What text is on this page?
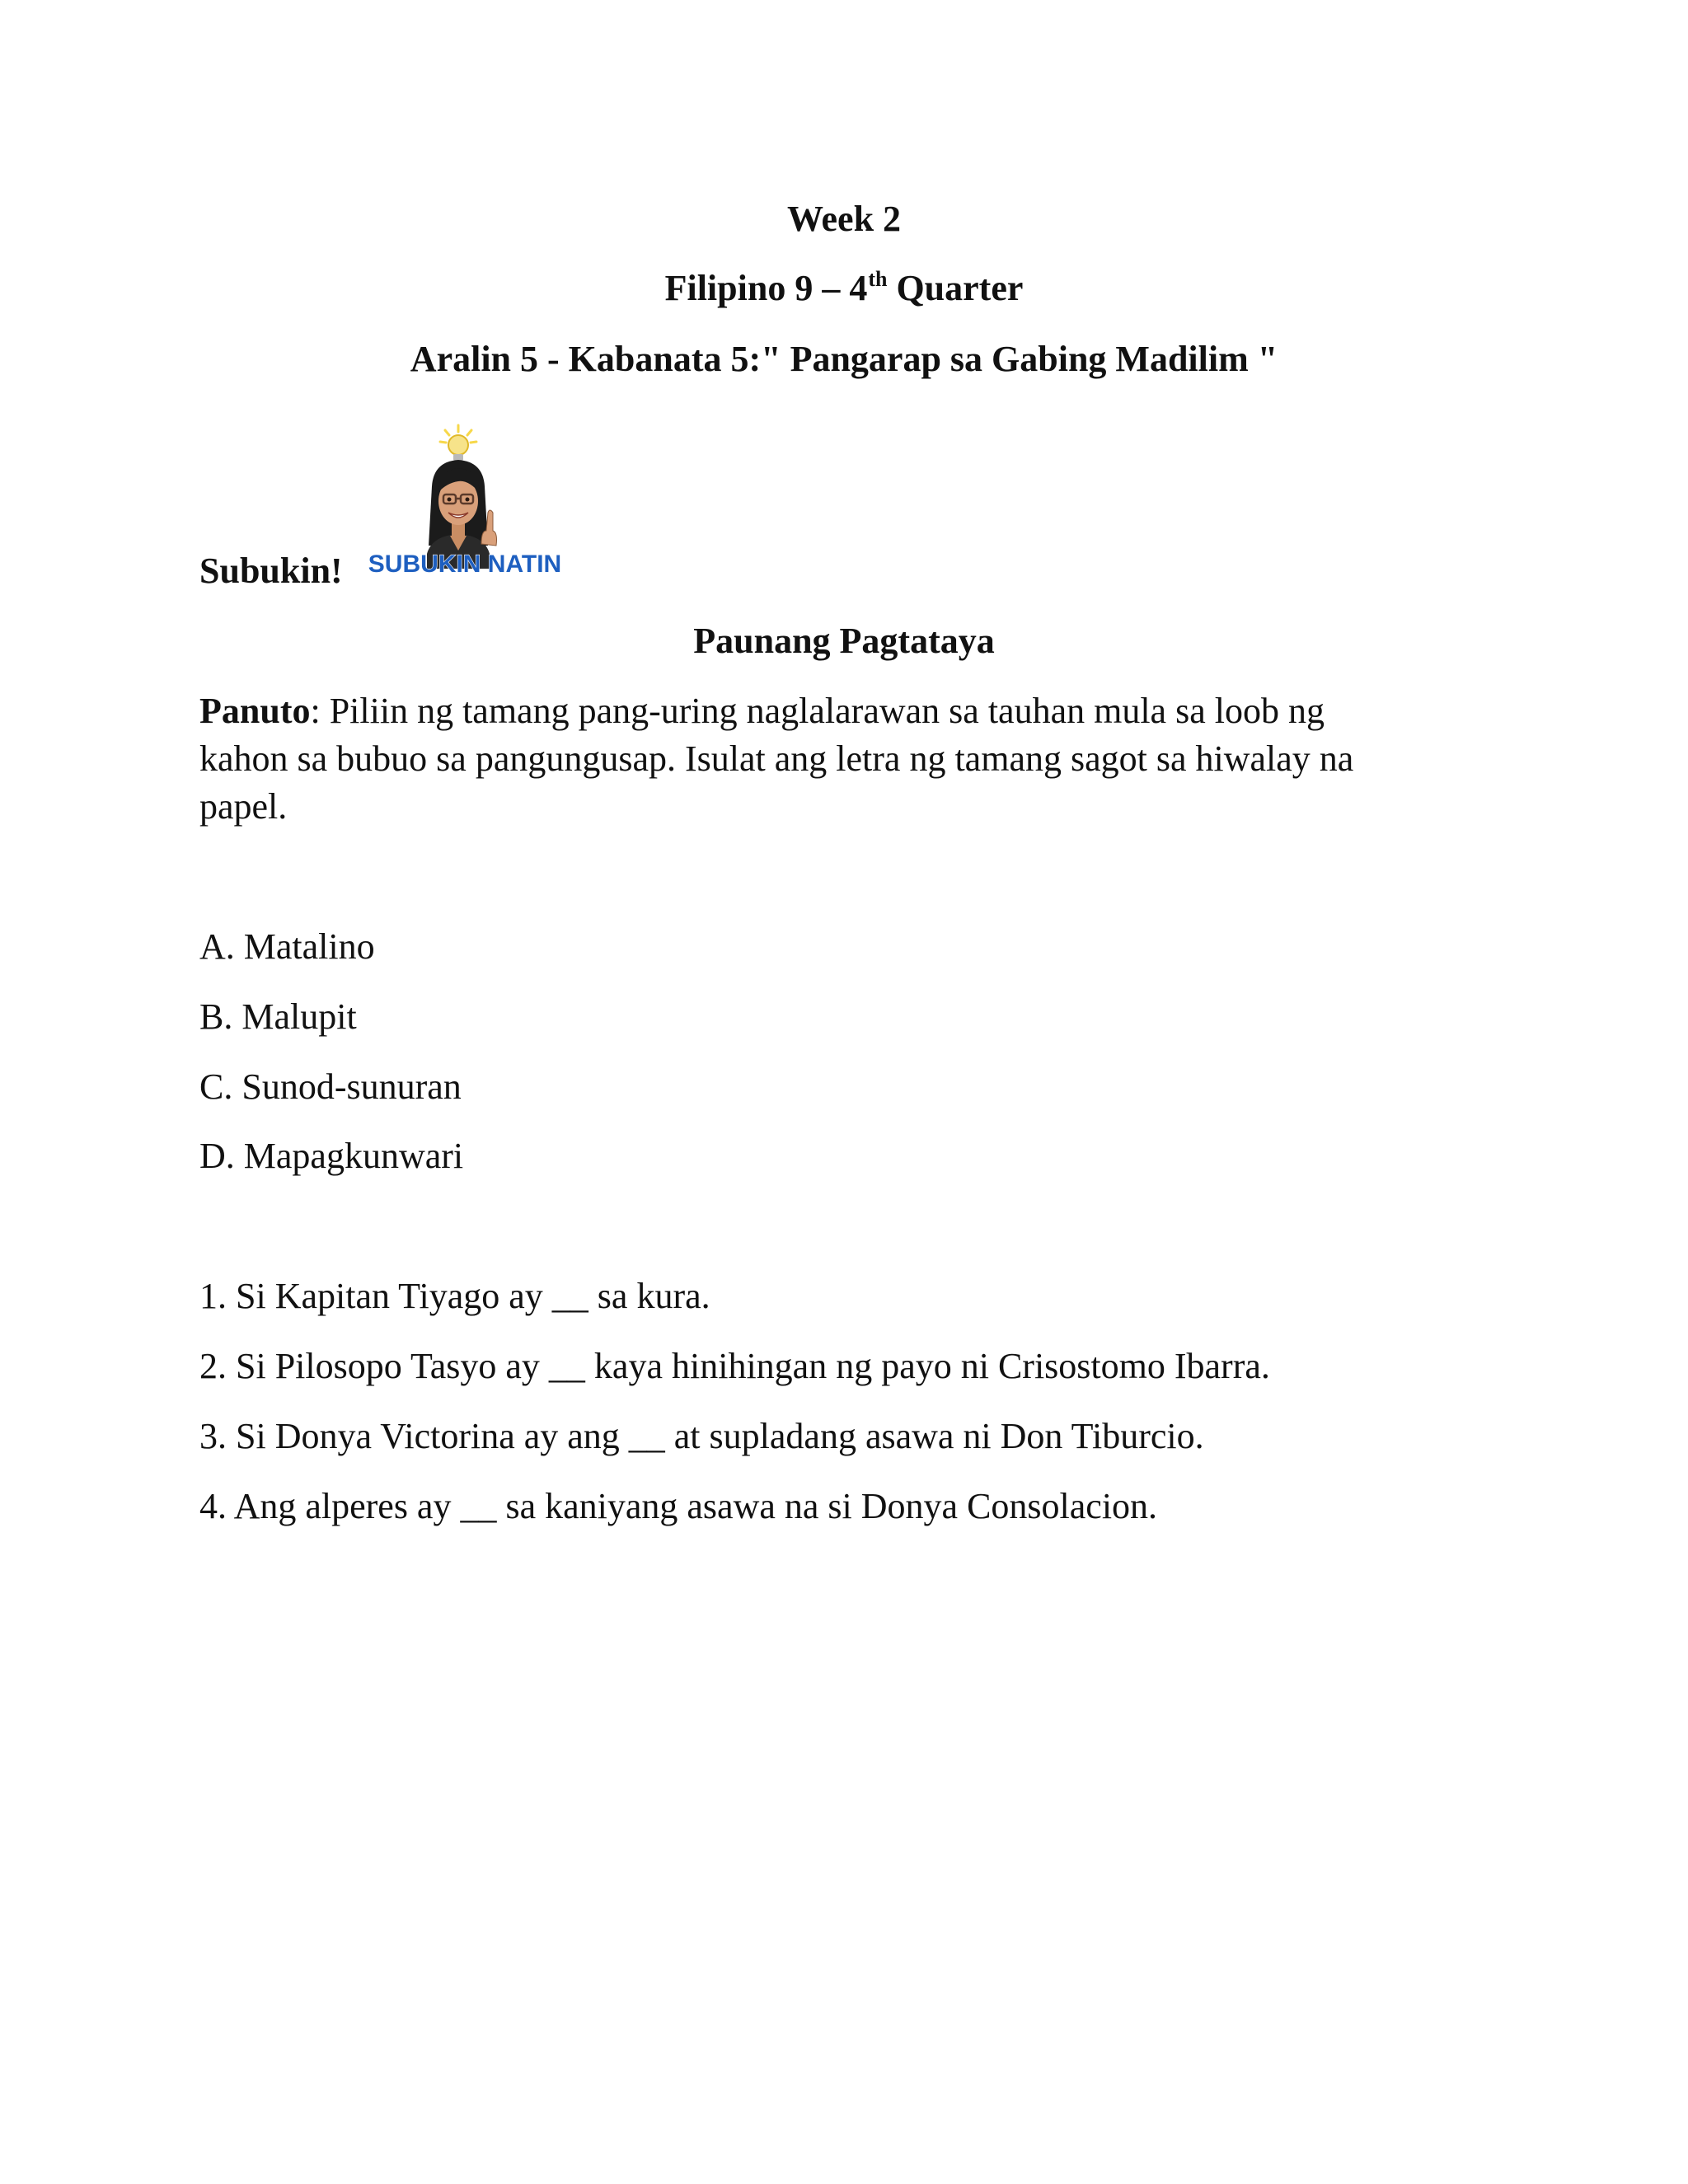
Week 2
Filipino 9 – 4th Quarter
Aralin 5 - Kabanata 5:" Pangarap sa Gabing Madilim "
Subukin! SUBUKIN NATIN
Paunang Pagtataya
Panuto: Piliin ng tamang pang-uring naglalarawan sa tauhan mula sa loob ng
kahon sa bubuo sa pangungusap. Isulat ang letra ng tamang sagot sa hiwalay na
papel.
A. Matalino
B. Malupit
C. Sunod-sunuran
D. Mapagkunwari
1. Si Kapitan Tiyago ay __ sa kura.
2. Si Pilosopo Tasyo ay __ kaya hinihingan ng payo ni Crisostomo Ibarra.
3. Si Donya Victorina ay ang __ at supladang asawa ni Don Tiburcio.
4. Ang alperes ay __ sa kaniyang asawa na si Donya Consolacion.
